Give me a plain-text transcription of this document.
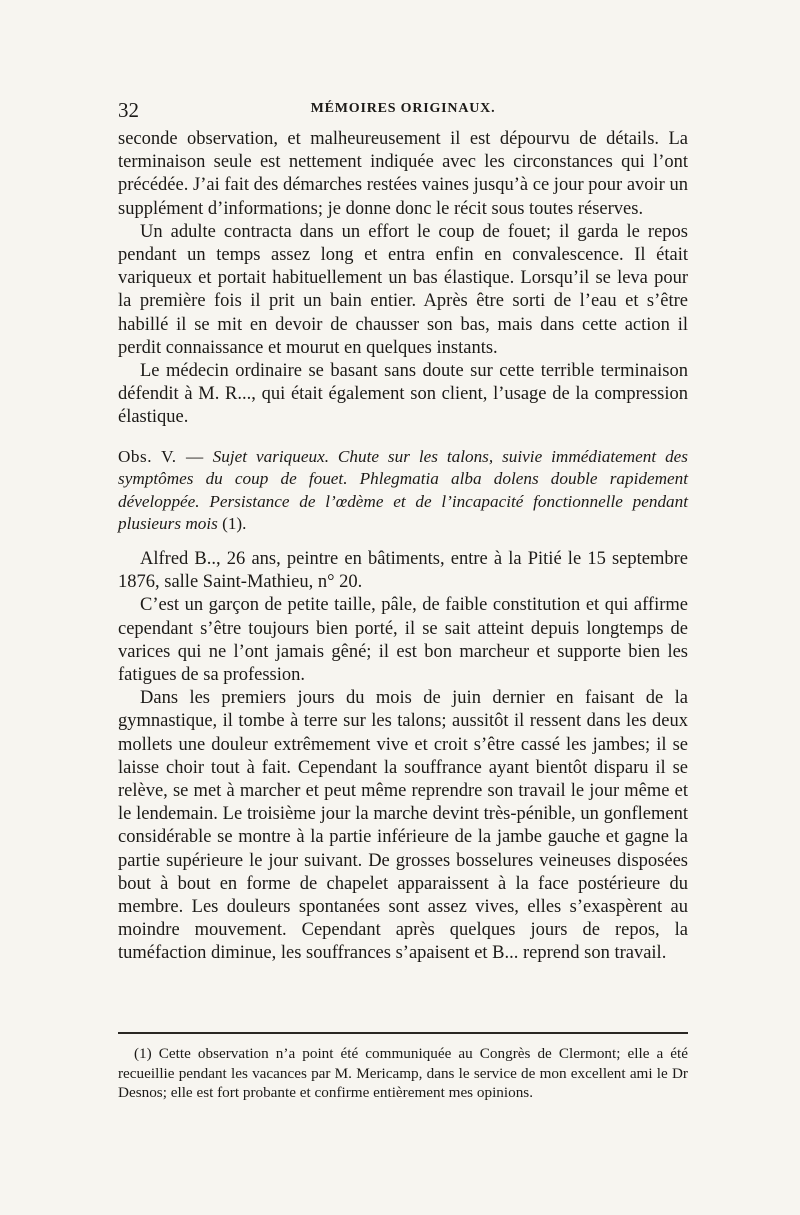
32	MÉMOIRES ORIGINAUX.

seconde observation, et malheureusement il est dépourvu de détails. La terminaison seule est nettement indiquée avec les circonstances qui l’ont précédée. J’ai fait des démarches restées vaines jusqu’à ce jour pour avoir un supplément d’informations; je donne donc le récit sous toutes réserves.

Un adulte contracta dans un effort le coup de fouet; il garda le repos pendant un temps assez long et entra enfin en convalescence. Il était variqueux et portait habituellement un bas élastique. Lorsqu’il se leva pour la première fois il prit un bain entier. Après être sorti de l’eau et s’être habillé il se mit en devoir de chausser son bas, mais dans cette action il perdit connaissance et mourut en quelques instants.

Le médecin ordinaire se basant sans doute sur cette terrible terminaison défendit à M. R..., qui était également son client, l’usage de la compression élastique.

Obs. V. — Sujet variqueux. Chute sur les talons, suivie immédiatement des symptômes du coup de fouet. Phlegmatia alba dolens double rapidement développée. Persistance de l’œdème et de l’incapacité fonctionnelle pendant plusieurs mois (1).

Alfred B.., 26 ans, peintre en bâtiments, entre à la Pitié le 15 septembre 1876, salle Saint-Mathieu, n° 20.

C’est un garçon de petite taille, pâle, de faible constitution et qui affirme cependant s’être toujours bien porté, il se sait atteint depuis longtemps de varices qui ne l’ont jamais gêné; il est bon marcheur et supporte bien les fatigues de sa profession.

Dans les premiers jours du mois de juin dernier en faisant de la gymnastique, il tombe à terre sur les talons; aussitôt il ressent dans les deux mollets une douleur extrêmement vive et croit s’être cassé les jambes; il se laisse choir tout à fait. Cependant la souffrance ayant bientôt disparu il se relève, se met à marcher et peut même reprendre son travail le jour même et le lendemain. Le troisième jour la marche devint très-pénible, un gonflement considérable se montre à la partie inférieure de la jambe gauche et gagne la partie supérieure le jour suivant. De grosses bosselures veineuses disposées bout à bout en forme de chapelet apparaissent à la face postérieure du membre. Les douleurs spontanées sont assez vives, elles s’exaspèrent au moindre mouvement. Cependant après quelques jours de repos, la tuméfaction diminue, les souffrances s’apaisent et B... reprend son travail.

(1) Cette observation n’a point été communiquée au Congrès de Clermont; elle a été recueillie pendant les vacances par M. Mericamp, dans le service de mon excellent ami le Dr Desnos; elle est fort probante et confirme entièrement mes opinions.
